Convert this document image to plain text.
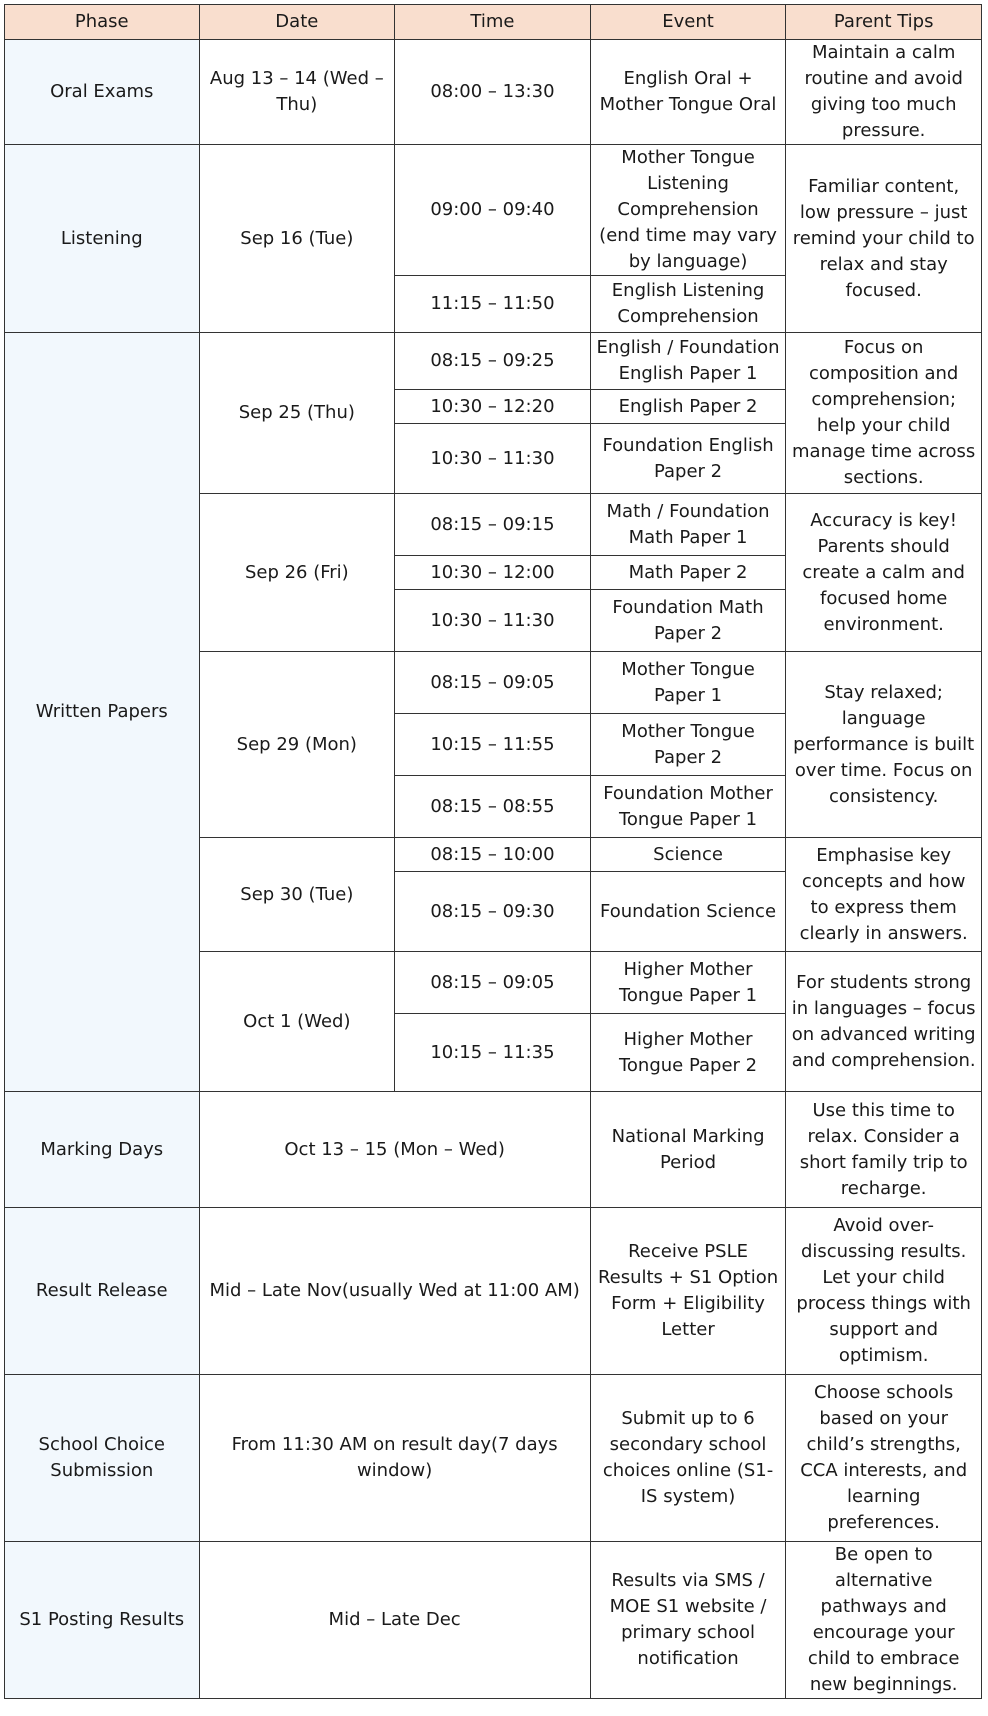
Phase	Date	Time	Event	Parent Tips
Oral Exams	Aug 13 – 14 (Wed – Thu)	08:00 – 13:30	English Oral + Mother Tongue Oral	Maintain a calm routine and avoid giving too much pressure.
Listening	Sep 16 (Tue)	09:00 – 09:40	Mother Tongue Listening Comprehension (end time may vary by language)	Familiar content, low pressure – just remind your child to relax and stay focused.
		11:15 – 11:50	English Listening Comprehension	
Written Papers	Sep 25 (Thu)	08:15 – 09:25	English / Foundation English Paper 1	Focus on composition and comprehension; help your child manage time across sections.
		10:30 – 12:20	English Paper 2	
		10:30 – 11:30	Foundation English Paper 2	
	Sep 26 (Fri)	08:15 – 09:15	Math / Foundation Math Paper 1	Accuracy is key! Parents should create a calm and focused home environment.
		10:30 – 12:00	Math Paper 2	
		10:30 – 11:30	Foundation Math Paper 2	
	Sep 29 (Mon)	08:15 – 09:05	Mother Tongue Paper 1	Stay relaxed; language performance is built over time. Focus on consistency.
		10:15 – 11:55	Mother Tongue Paper 2	
		08:15 – 08:55	Foundation Mother Tongue Paper 1	
	Sep 30 (Tue)	08:15 – 10:00	Science	Emphasise key concepts and how to express them clearly in answers.
		08:15 – 09:30	Foundation Science	
	Oct 1 (Wed)	08:15 – 09:05	Higher Mother Tongue Paper 1	For students strong in languages – focus on advanced writing and comprehension.
		10:15 – 11:35	Higher Mother Tongue Paper 2	
Marking Days	Oct 13 – 15 (Mon – Wed)		National Marking Period	Use this time to relax. Consider a short family trip to recharge.
Result Release	Mid – Late Nov(usually Wed at 11:00 AM)		Receive PSLE Results + S1 Option Form + Eligibility Letter	Avoid over-discussing results. Let your child process things with support and optimism.
School Choice Submission	From 11:30 AM on result day(7 days window)		Submit up to 6 secondary school choices online (S1-IS system)	Choose schools based on your child’s strengths, CCA interests, and learning preferences.
S1 Posting Results	Mid – Late Dec		Results via SMS / MOE S1 website / primary school notification	Be open to alternative pathways and encourage your child to embrace new beginnings.
